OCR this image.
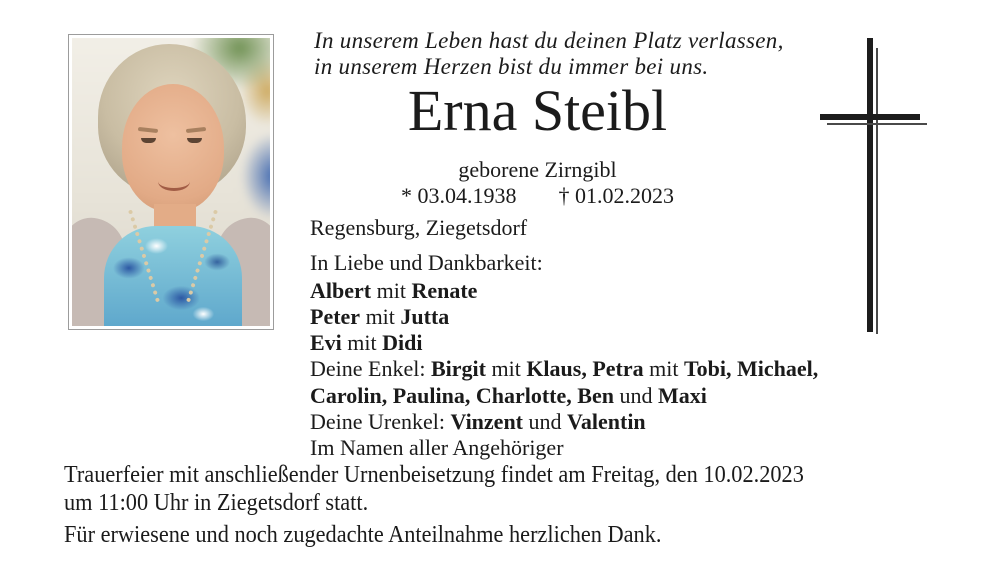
In unserem Leben hast du deinen Platz verlassen,
in unserem Herzen bist du immer bei uns.
Erna Steibl
geborene Zirngibl
* 03.04.1938 † 01.02.2023
Regensburg, Ziegetsdorf
In Liebe und Dankbarkeit:
Albert mit Renate
Peter mit Jutta
Evi mit Didi
Deine Enkel: Birgit mit Klaus, Petra mit Tobi, Michael,
Carolin, Paulina, Charlotte, Ben und Maxi
Deine Urenkel: Vinzent und Valentin
Im Namen aller Angehöriger
Trauerfeier mit anschließender Urnenbeisetzung findet am Freitag, den 10.02.2023
um 11:00 Uhr in Ziegetsdorf statt.
Für erwiesene und noch zugedachte Anteilnahme herzlichen Dank.
